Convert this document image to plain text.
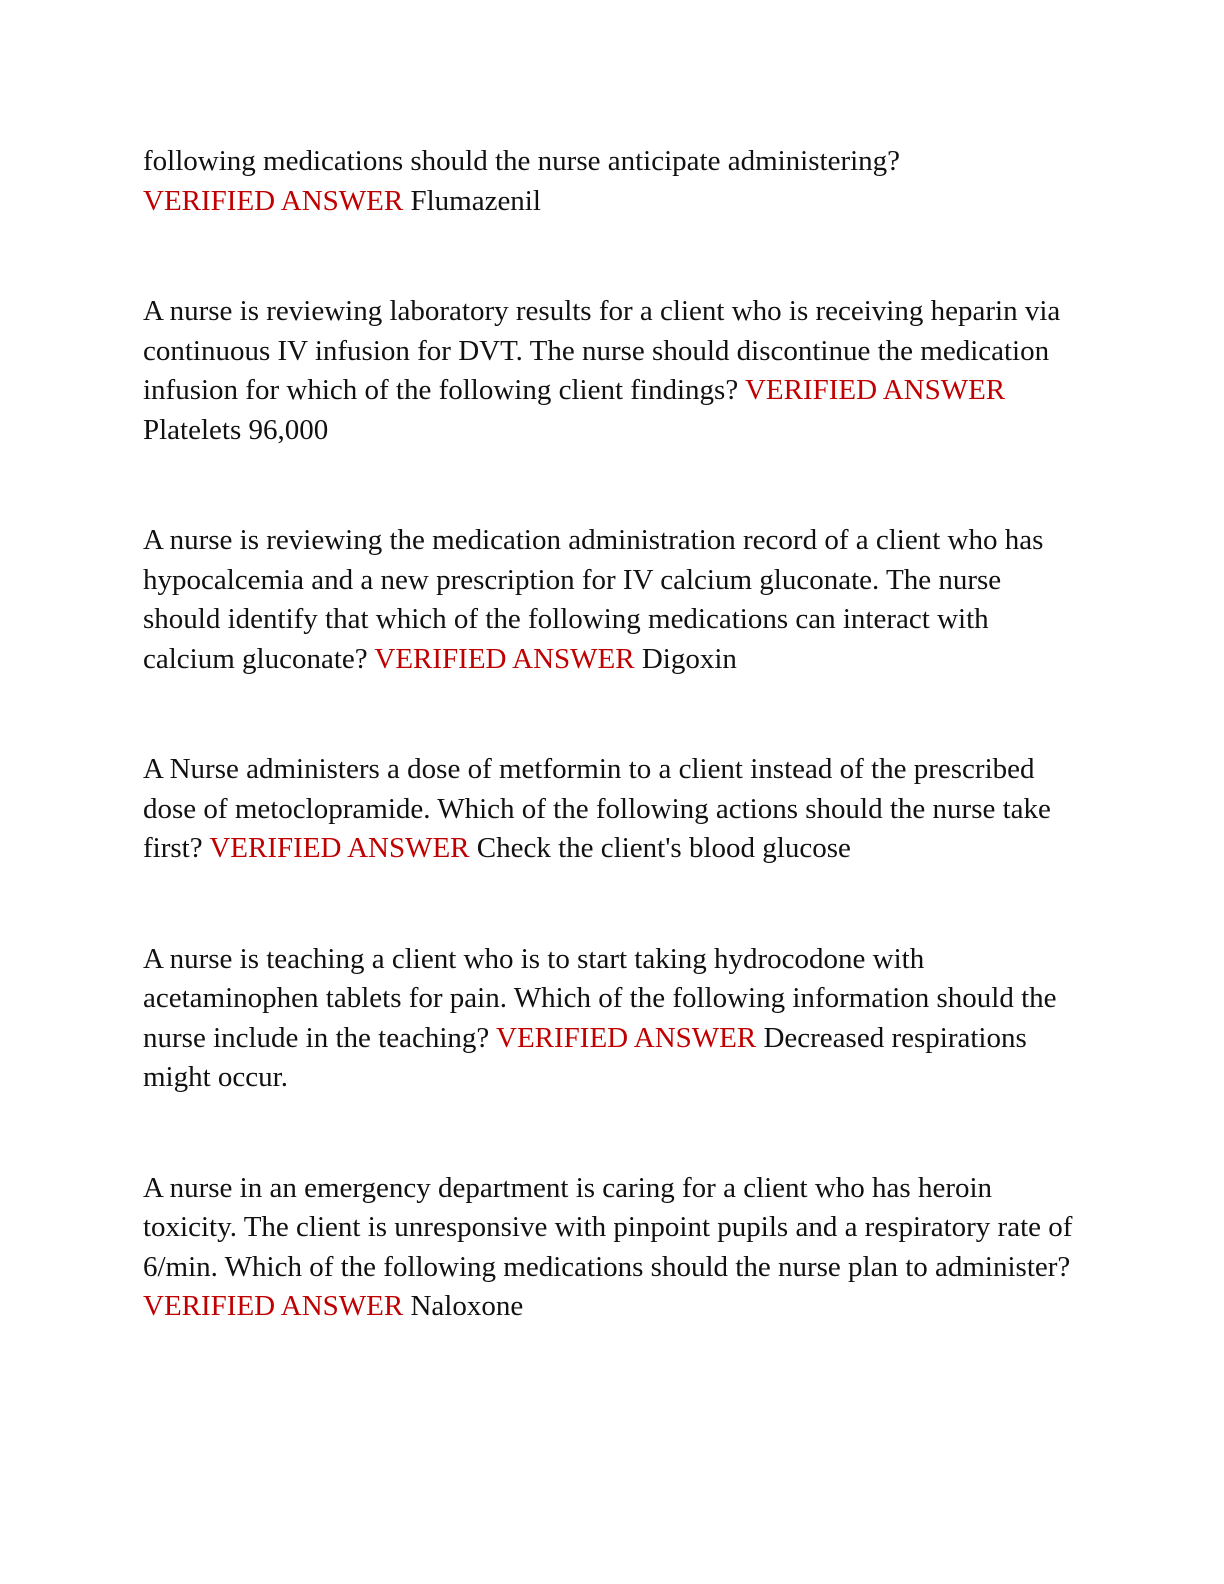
following medications should the nurse anticipate administering?
VERIFIED ANSWER Flumazenil

A nurse is reviewing laboratory results for a client who is receiving heparin via continuous IV infusion for DVT. The nurse should discontinue the medication infusion for which of the following client findings? VERIFIED ANSWER Platelets 96,000

A nurse is reviewing the medication administration record of a client who has hypocalcemia and a new prescription for IV calcium gluconate. The nurse should identify that which of the following medications can interact with calcium gluconate? VERIFIED ANSWER Digoxin

A Nurse administers a dose of metformin to a client instead of the prescribed dose of metoclopramide. Which of the following actions should the nurse take first? VERIFIED ANSWER Check the client's blood glucose

A nurse is teaching a client who is to start taking hydrocodone with acetaminophen tablets for pain. Which of the following information should the nurse include in the teaching? VERIFIED ANSWER Decreased respirations might occur.

A nurse in an emergency department is caring for a client who has heroin toxicity. The client is unresponsive with pinpoint pupils and a respiratory rate of 6/min. Which of the following medications should the nurse plan to administer? VERIFIED ANSWER Naloxone
